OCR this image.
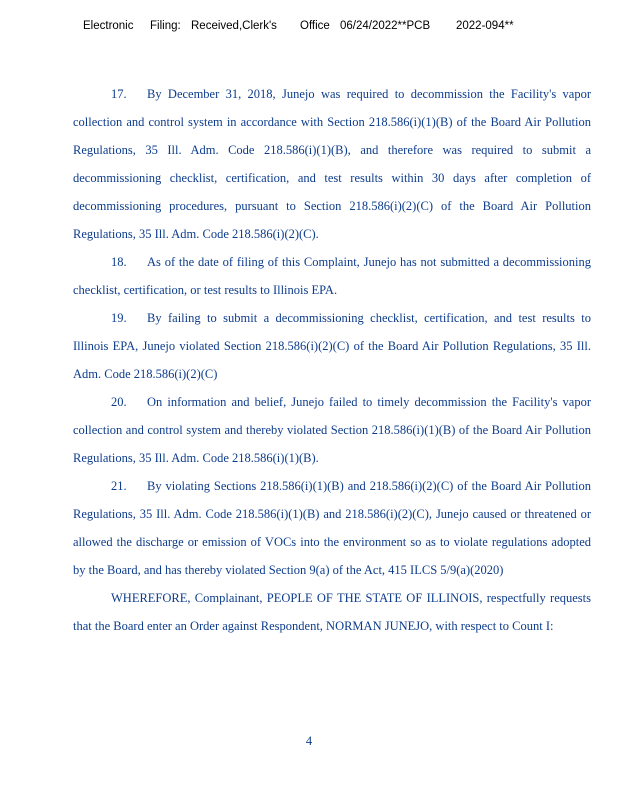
Electronic Filing: Received,Clerk's Office 06/24/2022**PCB 2022-094**

17. By December 31, 2018, Junejo was required to decommission the Facility's vapor collection and control system in accordance with Section 218.586(i)(1)(B) of the Board Air Pollution Regulations, 35 Ill. Adm. Code 218.586(i)(1)(B), and therefore was required to submit a decommissioning checklist, certification, and test results within 30 days after completion of decommissioning procedures, pursuant to Section 218.586(i)(2)(C) of the Board Air Pollution Regulations, 35 Ill. Adm. Code 218.586(i)(2)(C).

18. As of the date of filing of this Complaint, Junejo has not submitted a decommissioning checklist, certification, or test results to Illinois EPA.

19. By failing to submit a decommissioning checklist, certification, and test results to Illinois EPA, Junejo violated Section 218.586(i)(2)(C) of the Board Air Pollution Regulations, 35 Ill. Adm. Code 218.586(i)(2)(C)

20. On information and belief, Junejo failed to timely decommission the Facility's vapor collection and control system and thereby violated Section 218.586(i)(1)(B) of the Board Air Pollution Regulations, 35 Ill. Adm. Code 218.586(i)(1)(B).

21. By violating Sections 218.586(i)(1)(B) and 218.586(i)(2)(C) of the Board Air Pollution Regulations, 35 Ill. Adm. Code 218.586(i)(1)(B) and 218.586(i)(2)(C), Junejo caused or threatened or allowed the discharge or emission of VOCs into the environment so as to violate regulations adopted by the Board, and has thereby violated Section 9(a) of the Act, 415 ILCS 5/9(a)(2020)

WHEREFORE, Complainant, PEOPLE OF THE STATE OF ILLINOIS, respectfully requests that the Board enter an Order against Respondent, NORMAN JUNEJO, with respect to Count I:

4
